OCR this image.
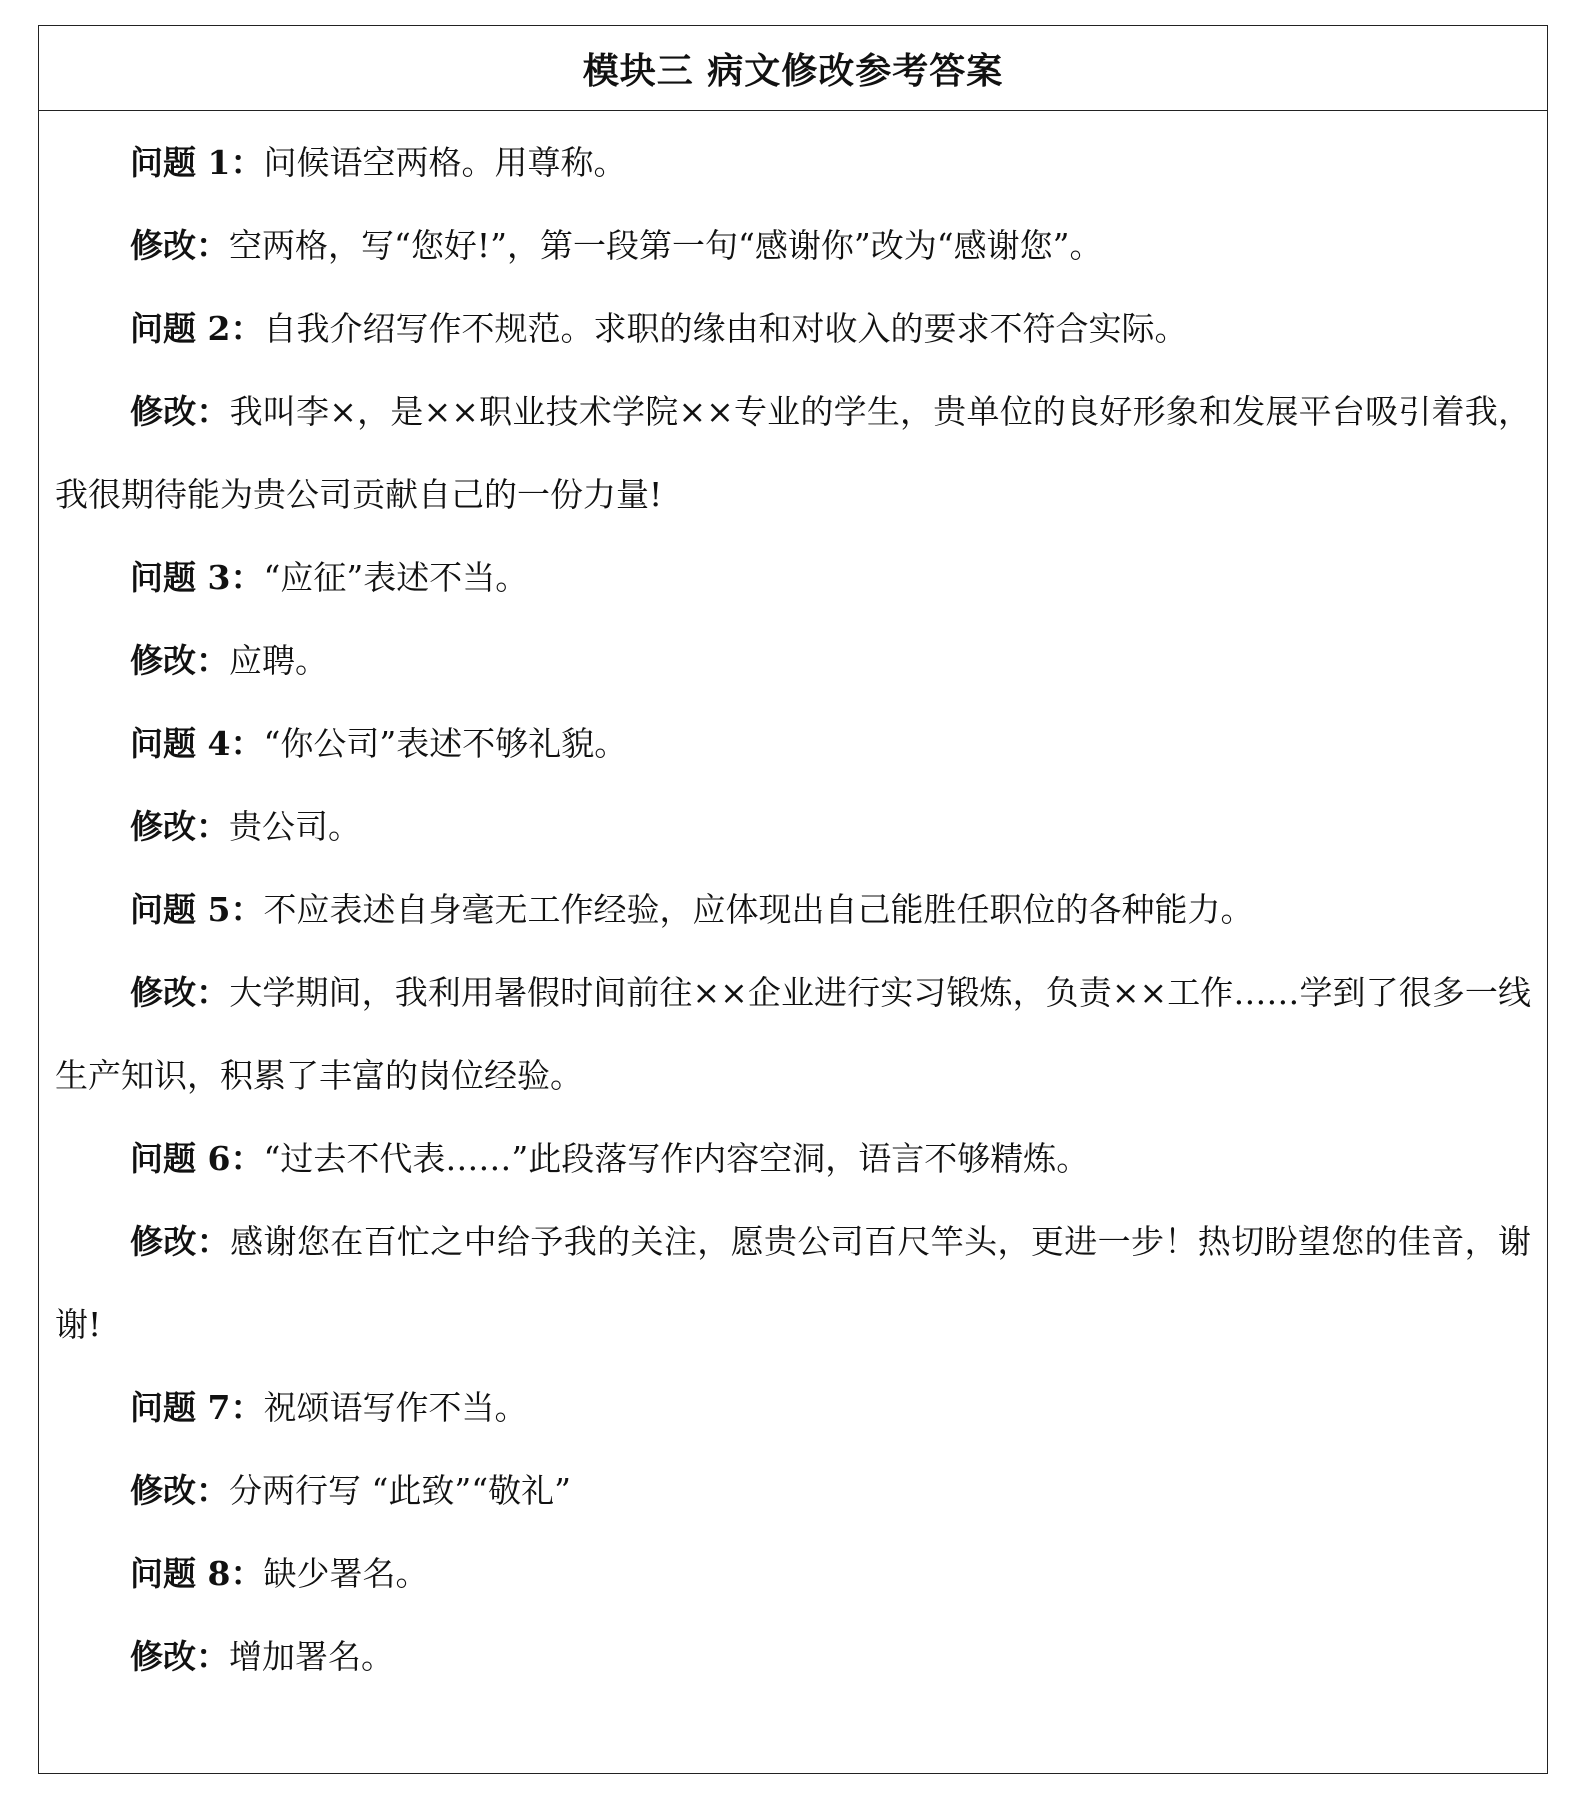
模块三 病文修改参考答案

问题 1：问候语空两格。用尊称。

修改：空两格，写“您好!”，第一段第一句“感谢你”改为“感谢您”。

问题 2：自我介绍写作不规范。求职的缘由和对收入的要求不符合实际。

修改：我叫李×，是××职业技术学院××专业的学生，贵单位的良好形象和发展平台吸引着我，我很期待能为贵公司贡献自己的一份力量!

问题 3：“应征”表述不当。

修改：应聘。

问题 4：“你公司”表述不够礼貌。

修改：贵公司。

问题 5：不应表述自身毫无工作经验，应体现出自己能胜任职位的各种能力。

修改：大学期间，我利用暑假时间前往××企业进行实习锻炼，负责××工作……学到了很多一线生产知识，积累了丰富的岗位经验。

问题 6：“过去不代表……”此段落写作内容空洞，语言不够精炼。

修改：感谢您在百忙之中给予我的关注，愿贵公司百尺竿头，更进一步！热切盼望您的佳音，谢谢!

问题 7：祝颂语写作不当。

修改：分两行写 “此致”“敬礼”

问题 8：缺少署名。

修改：增加署名。
